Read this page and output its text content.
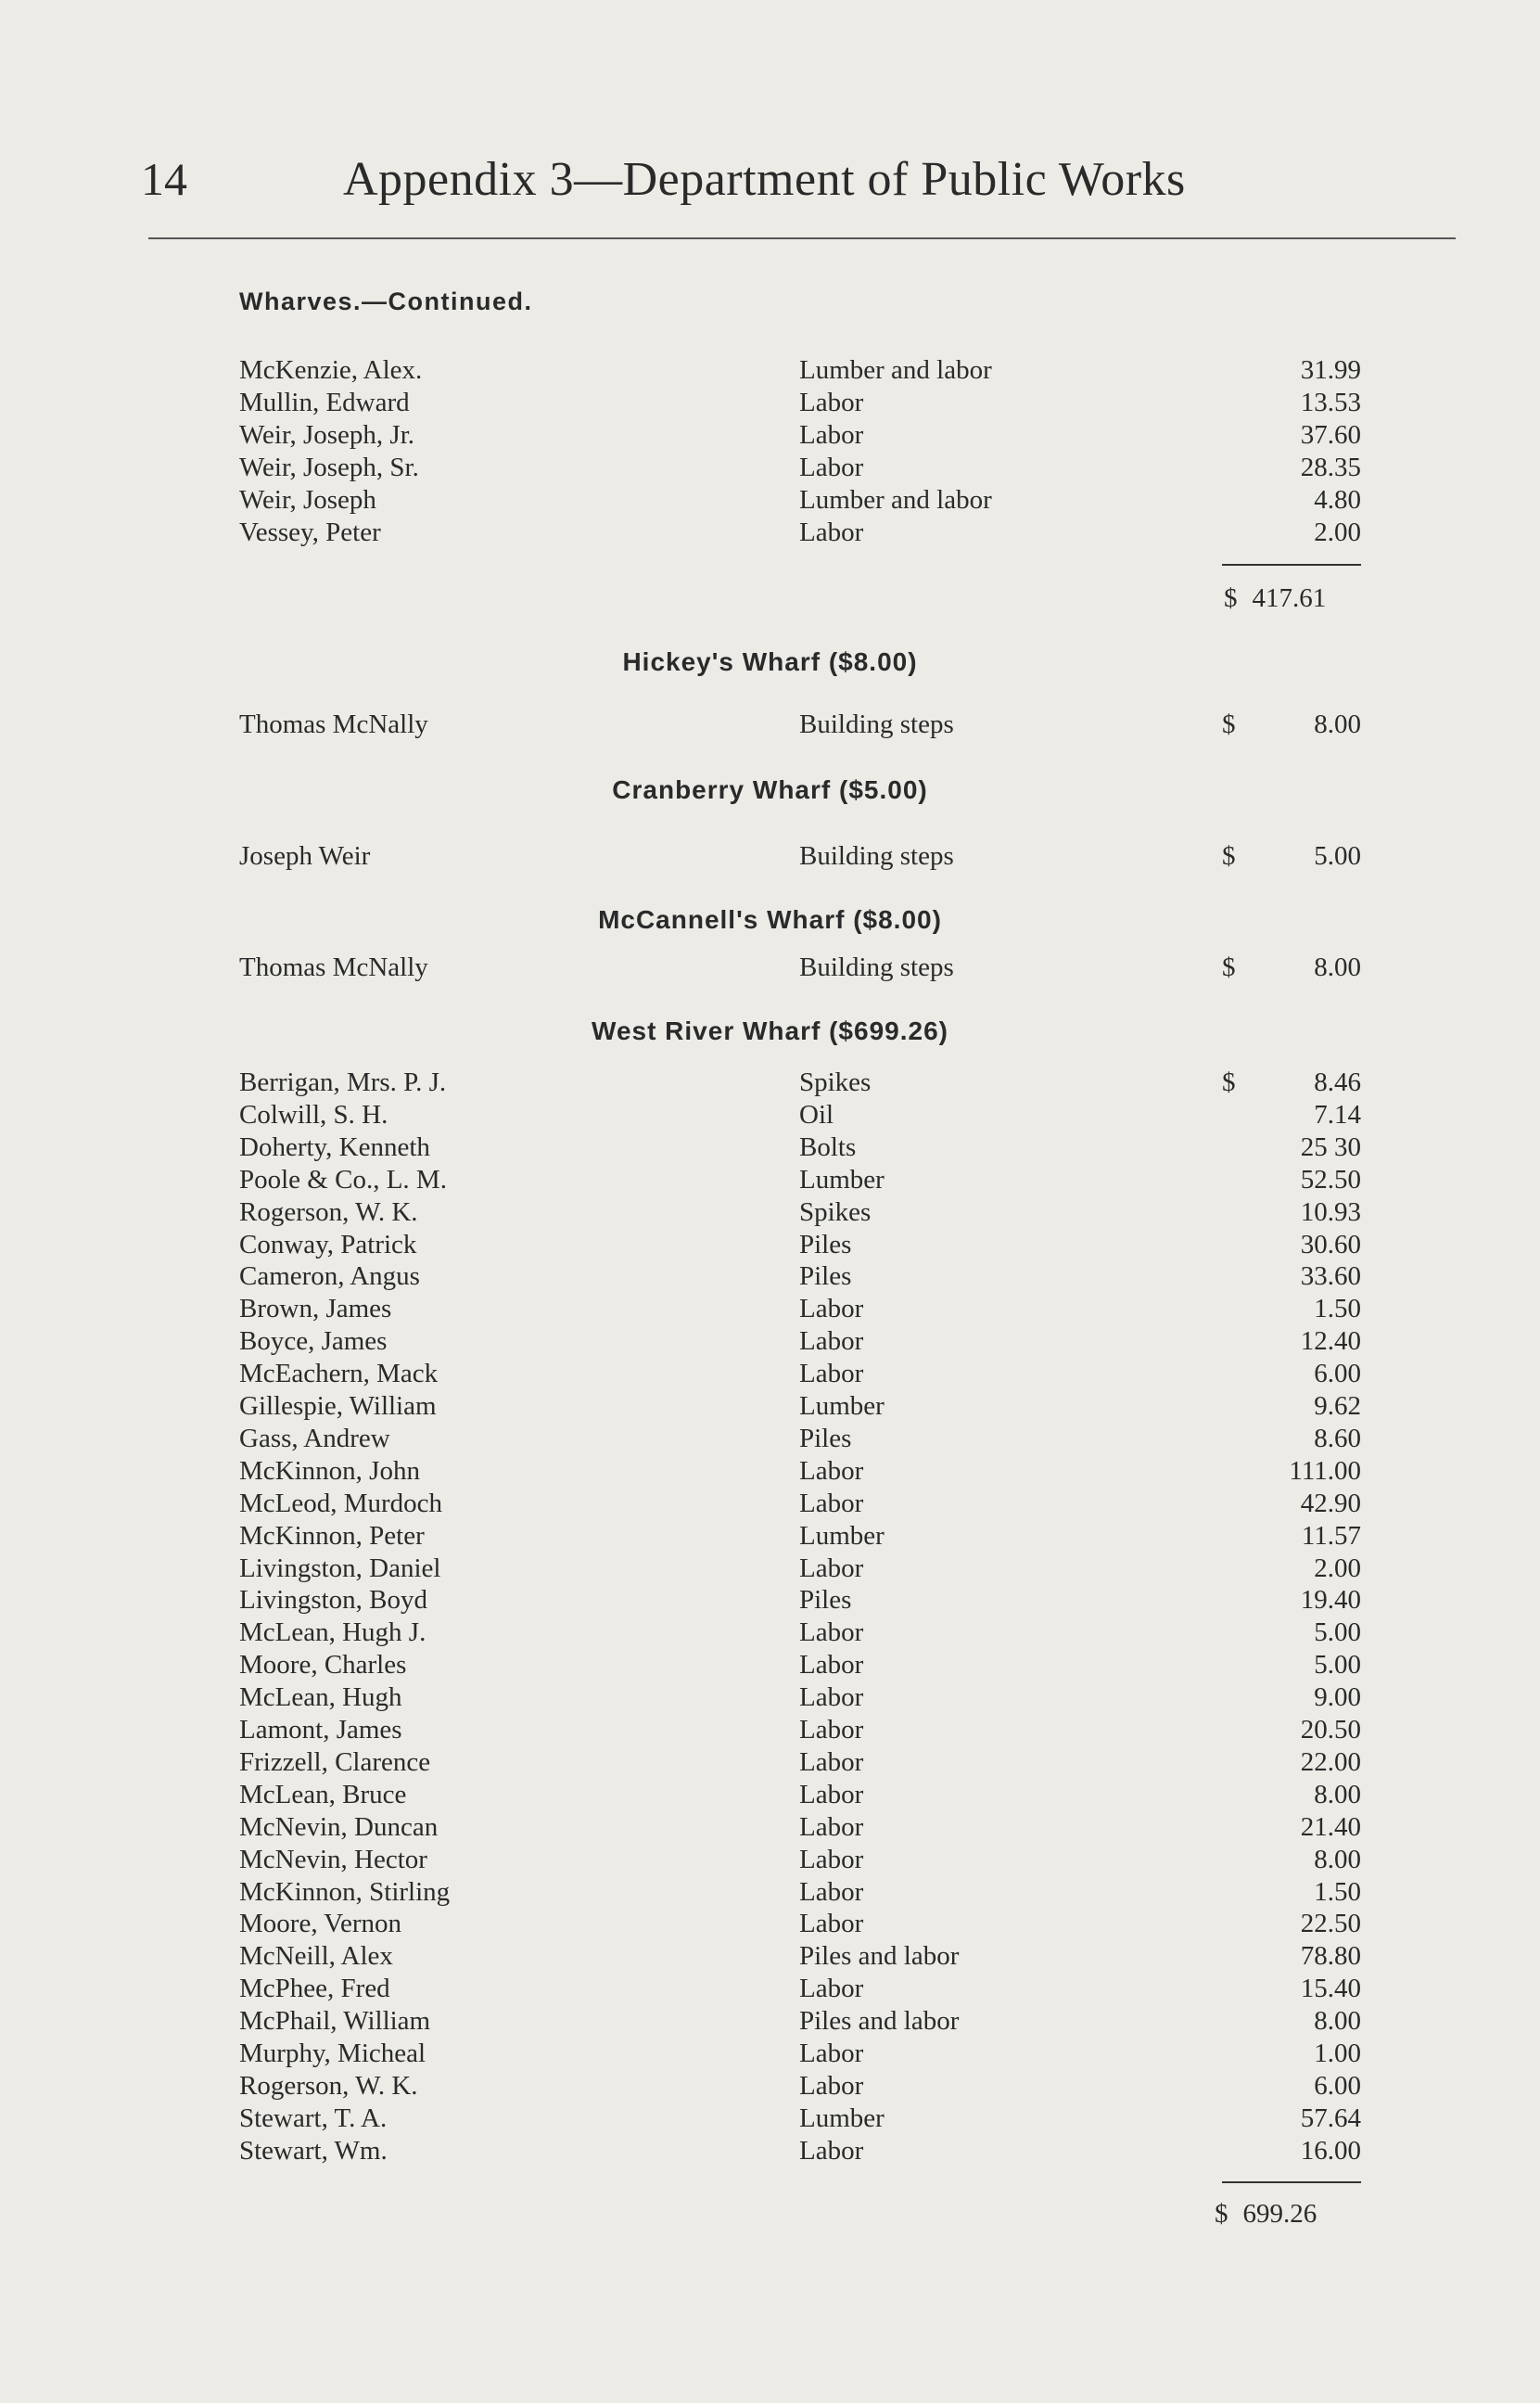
14	Appendix 3—Department of Public Works
Wharves.—Continued.
McKenzie, Alex.	Lumber and labor	31.99
Mullin, Edward	Labor	13.53
Weir, Joseph, Jr.	Labor	37.60
Weir, Joseph, Sr.	Labor	28.35
Weir, Joseph	Lumber and labor	4.80
Vessey, Peter	Labor	2.00
$ 417.61
Hickey's Wharf ($8.00)
Thomas McNally	Building steps	$	8.00
Cranberry Wharf ($5.00)
Joseph Weir	Building steps	$	5.00
McCannell's Wharf ($8.00)
Thomas McNally	Building steps	$	8.00
West River Wharf ($699.26)
Berrigan, Mrs. P. J.	Spikes	$	8.46
Colwill, S. H.	Oil	7.14
Doherty, Kenneth	Bolts	25 30
Poole & Co., L. M.	Lumber	52.50
Rogerson, W. K.	Spikes	10.93
Conway, Patrick	Piles	30.60
Cameron, Angus	Piles	33.60
Brown, James	Labor	1.50
Boyce, James	Labor	12.40
McEachern, Mack	Labor	6.00
Gillespie, William	Lumber	9.62
Gass, Andrew	Piles	8.60
McKinnon, John	Labor	111.00
McLeod, Murdoch	Labor	42.90
McKinnon, Peter	Lumber	11.57
Livingston, Daniel	Labor	2.00
Livingston, Boyd	Piles	19.40
McLean, Hugh J.	Labor	5.00
Moore, Charles	Labor	5.00
McLean, Hugh	Labor	9.00
Lamont, James	Labor	20.50
Frizzell, Clarence	Labor	22.00
McLean, Bruce	Labor	8.00
McNevin, Duncan	Labor	21.40
McNevin, Hector	Labor	8.00
McKinnon, Stirling	Labor	1.50
Moore, Vernon	Labor	22.50
McNeill, Alex	Piles and labor	78.80
McPhee, Fred	Labor	15.40
McPhail, William	Piles and labor	8.00
Murphy, Micheal	Labor	1.00
Rogerson, W. K.	Labor	6.00
Stewart, T. A.	Lumber	57.64
Stewart, Wm.	Labor	16.00
$ 699.26
